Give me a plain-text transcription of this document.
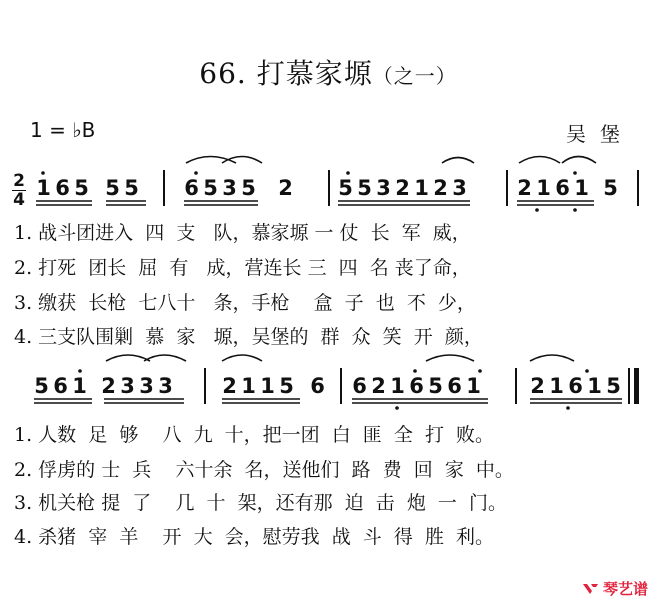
66. 打慕家塬（之一）
1 = ♭B	吴堡
2
4
1 6 5 5 5 6 5 3 5 2 5 5 3 2 1 2 3 2 1 6 1 5
1. 战斗团进入  四  支   队，慕家塬 一 仗  长  军  威，
2. 打死  团长  屈  有   成，营连长 三  四  名 丧了命，
3. 缴获  长枪  七八十   条，手枪    盒  子  也  不  少，
4. 三支队围剿  慕  家   塬，吴堡的  群  众  笑  开  颜，
5 6 1 2 3 3 3 2 1 1 5 6 6 2 1 6 5 6 1 2 1 6 1 5
1. 人数  足  够    八  九  十，把一团  白  匪  全  打  败。
2. 俘虏的 士  兵    六十余  名，送他们  路  费  回  家  中。
3. 机关枪 提  了    几  十  架，还有那  迫  击  炮  一  门。
4. 杀猪  宰  羊    开  大  会，慰劳我  战  斗  得  胜  利。
琴艺谱
